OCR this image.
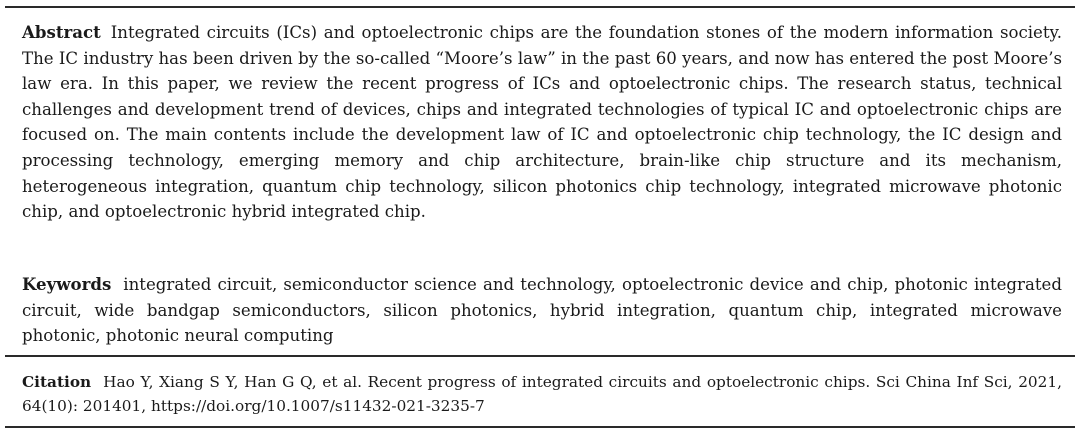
Abstract Integrated circuits (ICs) and optoelectronic chips are the foundation stones of the modern information society. The IC industry has been driven by the so-called “Moore’s law” in the past 60 years, and now has entered the post Moore’s law era. In this paper, we review the recent progress of ICs and optoelectronic chips. The research status, technical challenges and development trend of devices, chips and integrated technologies of typical IC and optoelectronic chips are focused on. The main contents include the development law of IC and optoelectronic chip technology, the IC design and processing technology, emerging memory and chip architecture, brain-like chip structure and its mechanism, heterogeneous integration, quantum chip technology, silicon photonics chip technology, integrated microwave photonic chip, and optoelectronic hybrid integrated chip.

Keywords integrated circuit, semiconductor science and technology, optoelectronic device and chip, photonic integrated circuit, wide bandgap semiconductors, silicon photonics, hybrid integration, quantum chip, integrated microwave photonic, photonic neural computing

Citation Hao Y, Xiang S Y, Han G Q, et al. Recent progress of integrated circuits and optoelectronic chips. Sci China Inf Sci, 2021, 64(10): 201401, https://doi.org/10.1007/s11432-021-3235-7
